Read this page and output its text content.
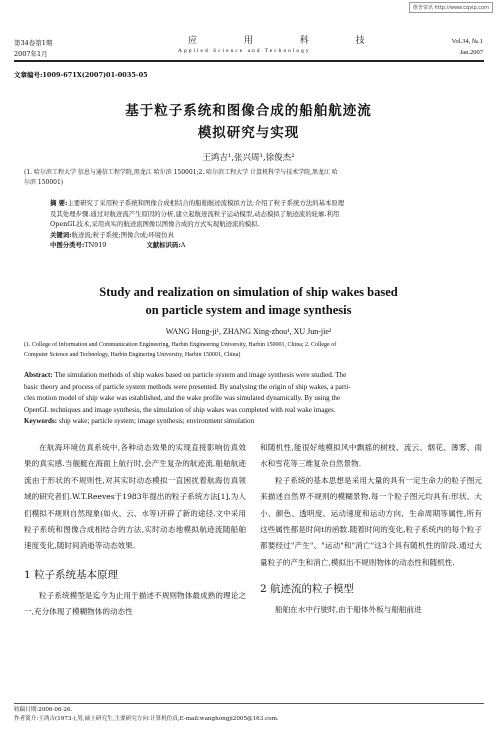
维普资讯 http://www.cqvip.com
第34卷第1期
2007年1月
应 用 科 技
Applied Science and Technology
Vol.34, №.1
Jan.2007
文章编号:1009-671X(2007)01-0035-05
基于粒子系统和图像合成的船舶航迹流
模拟研究与实现
王鸿吉¹,张兴周¹,徐俊杰²
(1. 哈尔滨工程大学 信息与通信工程学院,黑龙江 哈尔滨 150001;2. 哈尔滨工程大学 计算机科学与技术学院,黑龙江 哈
尔滨 150001)
摘 要:主要研究了采用粒子系统和图像合成相结合的船舶航迹流模拟方法.介绍了粒子系统方法的基本原理
及其处理步骤.通过对航迹流产生原因的分析,建立起航迹流粒子运动模型,动态模拟了航迹流的轮廓.利用
OpenGL技术,采用真实的航迹流图像以图像合成的方式实现航迹流的模拟.
关键词:航迹流;粒子系统;图像合成;环境仿真
中图分类号:TN919	文献标识码:A
Study and realization on simulation of ship wakes based
on particle system and image synthesis
WANG Hong-ji¹, ZHANG Xing-zhou¹, XU Jun-jie²
(1. College of Information and Communication Engineering, Harbin Engineering University, Harbin 150001, China; 2. College of
Computer Science and Technology, Harbin Enginering University, Harbin 150001, China)
Abstract: The simulation methods of ship wakes based on particle system and image synthesis were studied. The
basic theory and process of particle system methods were presented. By analysing the origin of ship wakes, a parti-
cles motion model of ship wake was established, and the wake profile was simulated dynamically. By using the
OpenGL techniques and image synthesis, the simulation of ship wakes was completed with real wake images.
Keywords: ship wake; particle system; image synthesis; environment simulation
在航海环境仿真系统中,各种动态效果的实现直接影响仿真效果的真实感.当舰艇在海面上航行时,会产生复杂的航迹流.船舶航迹流由于形状的不规则性,对其实时动态模拟一直困扰着航海仿真领域的研究者们.W.T.Reeves于1983年提出的粒子系统方法[1],为人们模拟不规则自然现象(如火、云、水等)开辟了新的途径.文中采用粒子系统和图像合成相结合的方法,实时动态地模拟航迹流随船舶速度变化,随时间消逝等动态效果.
1 粒子系统基本原理
粒子系统模型是迄今为止用于描述不规则物体最成熟的理论之一,充分体现了模糊物体的动态性
和随机性,能很好地模拟风中飘摇的树枝、流云、烟花、薄雾、雨水和雪花等三维复杂自然景物.
粒子系统的基本思想是采用大量的具有一定生命力的粒子图元来描述自然界不规则的模糊景物.每一个粒子图元均具有:形状、大小、颜色、透明度、运动速度和运动方向、生命周期等属性,所有这些属性都是时间t的函数.随着时间的变化,粒子系统内的每个粒子都要经过"产生"、"运动"和"消亡"这3个具有随机性的阶段.通过大量粒子的产生和消亡,模拟出不规则物体的动态性和随机性.
2 航迹流的粒子模型
船舶在水中行驶时,由于船体外板与船舶前进
收稿日期:2006-06-26.
作者简介:王鸿吉(1973-),男,硕士研究生,主要研究方向:计算机仿真,E-mail:wanghongji2005@163.com.
